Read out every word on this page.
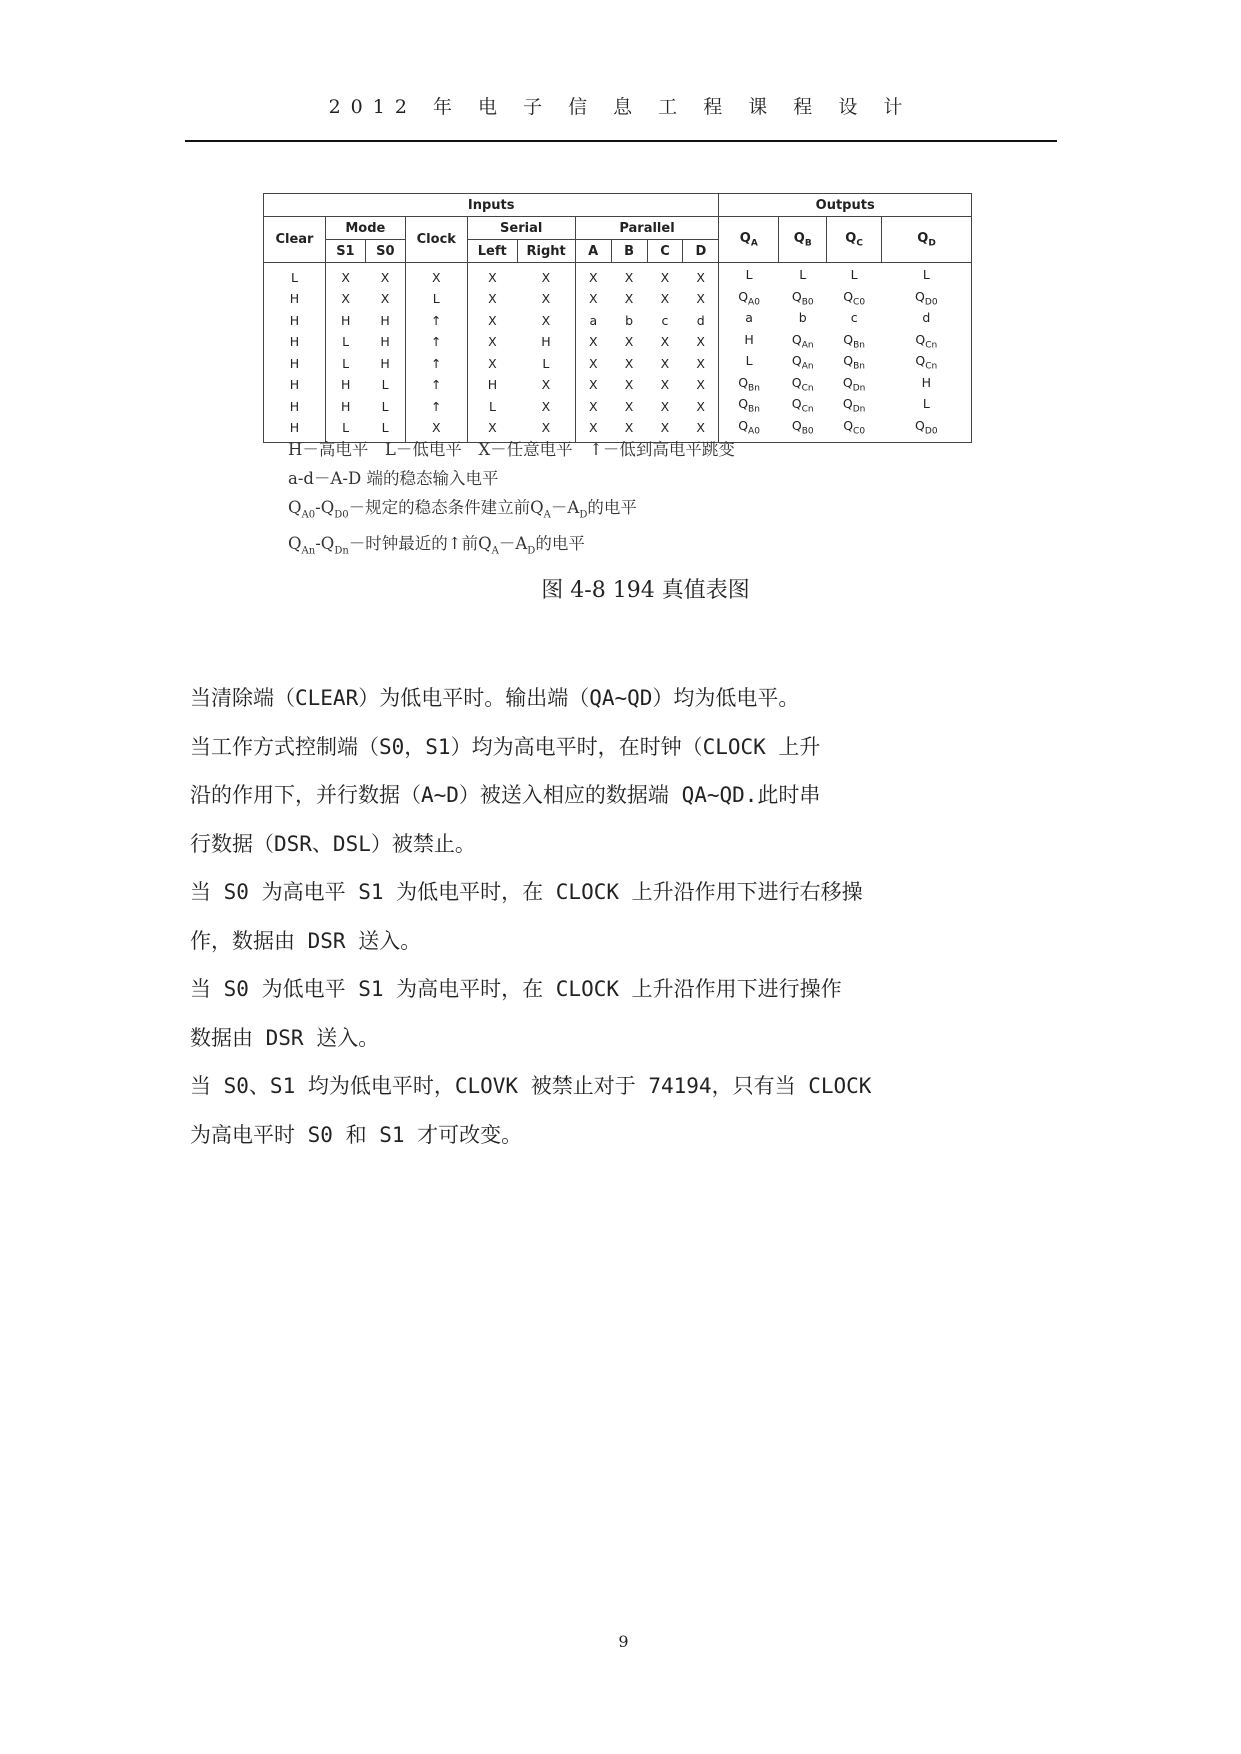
2012 年 电 子 信 息 工 程 课 程 设 计
Inputs										Outputs			
Clear	Mode		Clock	Serial		Parallel				$Q_A$	$Q_B$	$Q_C$	$Q_D$
	S1	S0		Left	Right	A	B	C	D				
L	X	X	X	X	X	X	X	X	X	L	L	L	L
H	X	X	L	X	X	X	X	X	X	$Q_{A0}$	$Q_{B0}$	$Q_{C0}$	$Q_{D0}$
H	H	H	↑	X	X	a	b	c	d	a	b	c	d
H	L	H	↑	X	H	X	X	X	X	H	$Q_{An}$	$Q_{Bn}$	$Q_{Cn}$
H	L	H	↑	X	L	X	X	X	X	L	$Q_{An}$	$Q_{Bn}$	$Q_{Cn}$
H	H	L	↑	H	X	X	X	X	X	$Q_{Bn}$	$Q_{Cn}$	$Q_{Dn}$	H
H	H	L	↑	L	X	X	X	X	X	$Q_{Bn}$	$Q_{Cn}$	$Q_{Dn}$	L
H	L	L	X	X	X	X	X	X	X	$Q_{A0}$	$Q_{B0}$	$Q_{C0}$	$Q_{D0}$
H－高电平　L－低电平　X－任意电平　↑－低到高电平跳变
a-d－A-D 端的稳态输入电平
$Q_{A0}-Q_{D0}-$规定的稳态条件建立前$Q_A-A_D$的电平
$Q_{An}-Q_{Dn}-$时钟最近的↑前$Q_A-A_D$的电平
图 4-8 194 真值表图

当清除端（CLEAR）为低电平时。输出端（QA~QD）均为低电平。

当工作方式控制端（S0，S1）均为高电平时，在时钟（CLOCK 上升

沿的作用下，并行数据（A~D）被送入相应的数据端 QA~QD.此时串

行数据（DSR、DSL）被禁止。

当 S0 为高电平 S1 为低电平时，在 CLOCK 上升沿作用下进行右移操

作，数据由 DSR 送入。

当 S0 为低电平 S1 为高电平时，在 CLOCK 上升沿作用下进行操作

数据由 DSR 送入。

当 S0、S1 均为低电平时，CLOVK 被禁止对于 74194，只有当 CLOCK

为高电平时 S0 和 S1 才可改变。

9
